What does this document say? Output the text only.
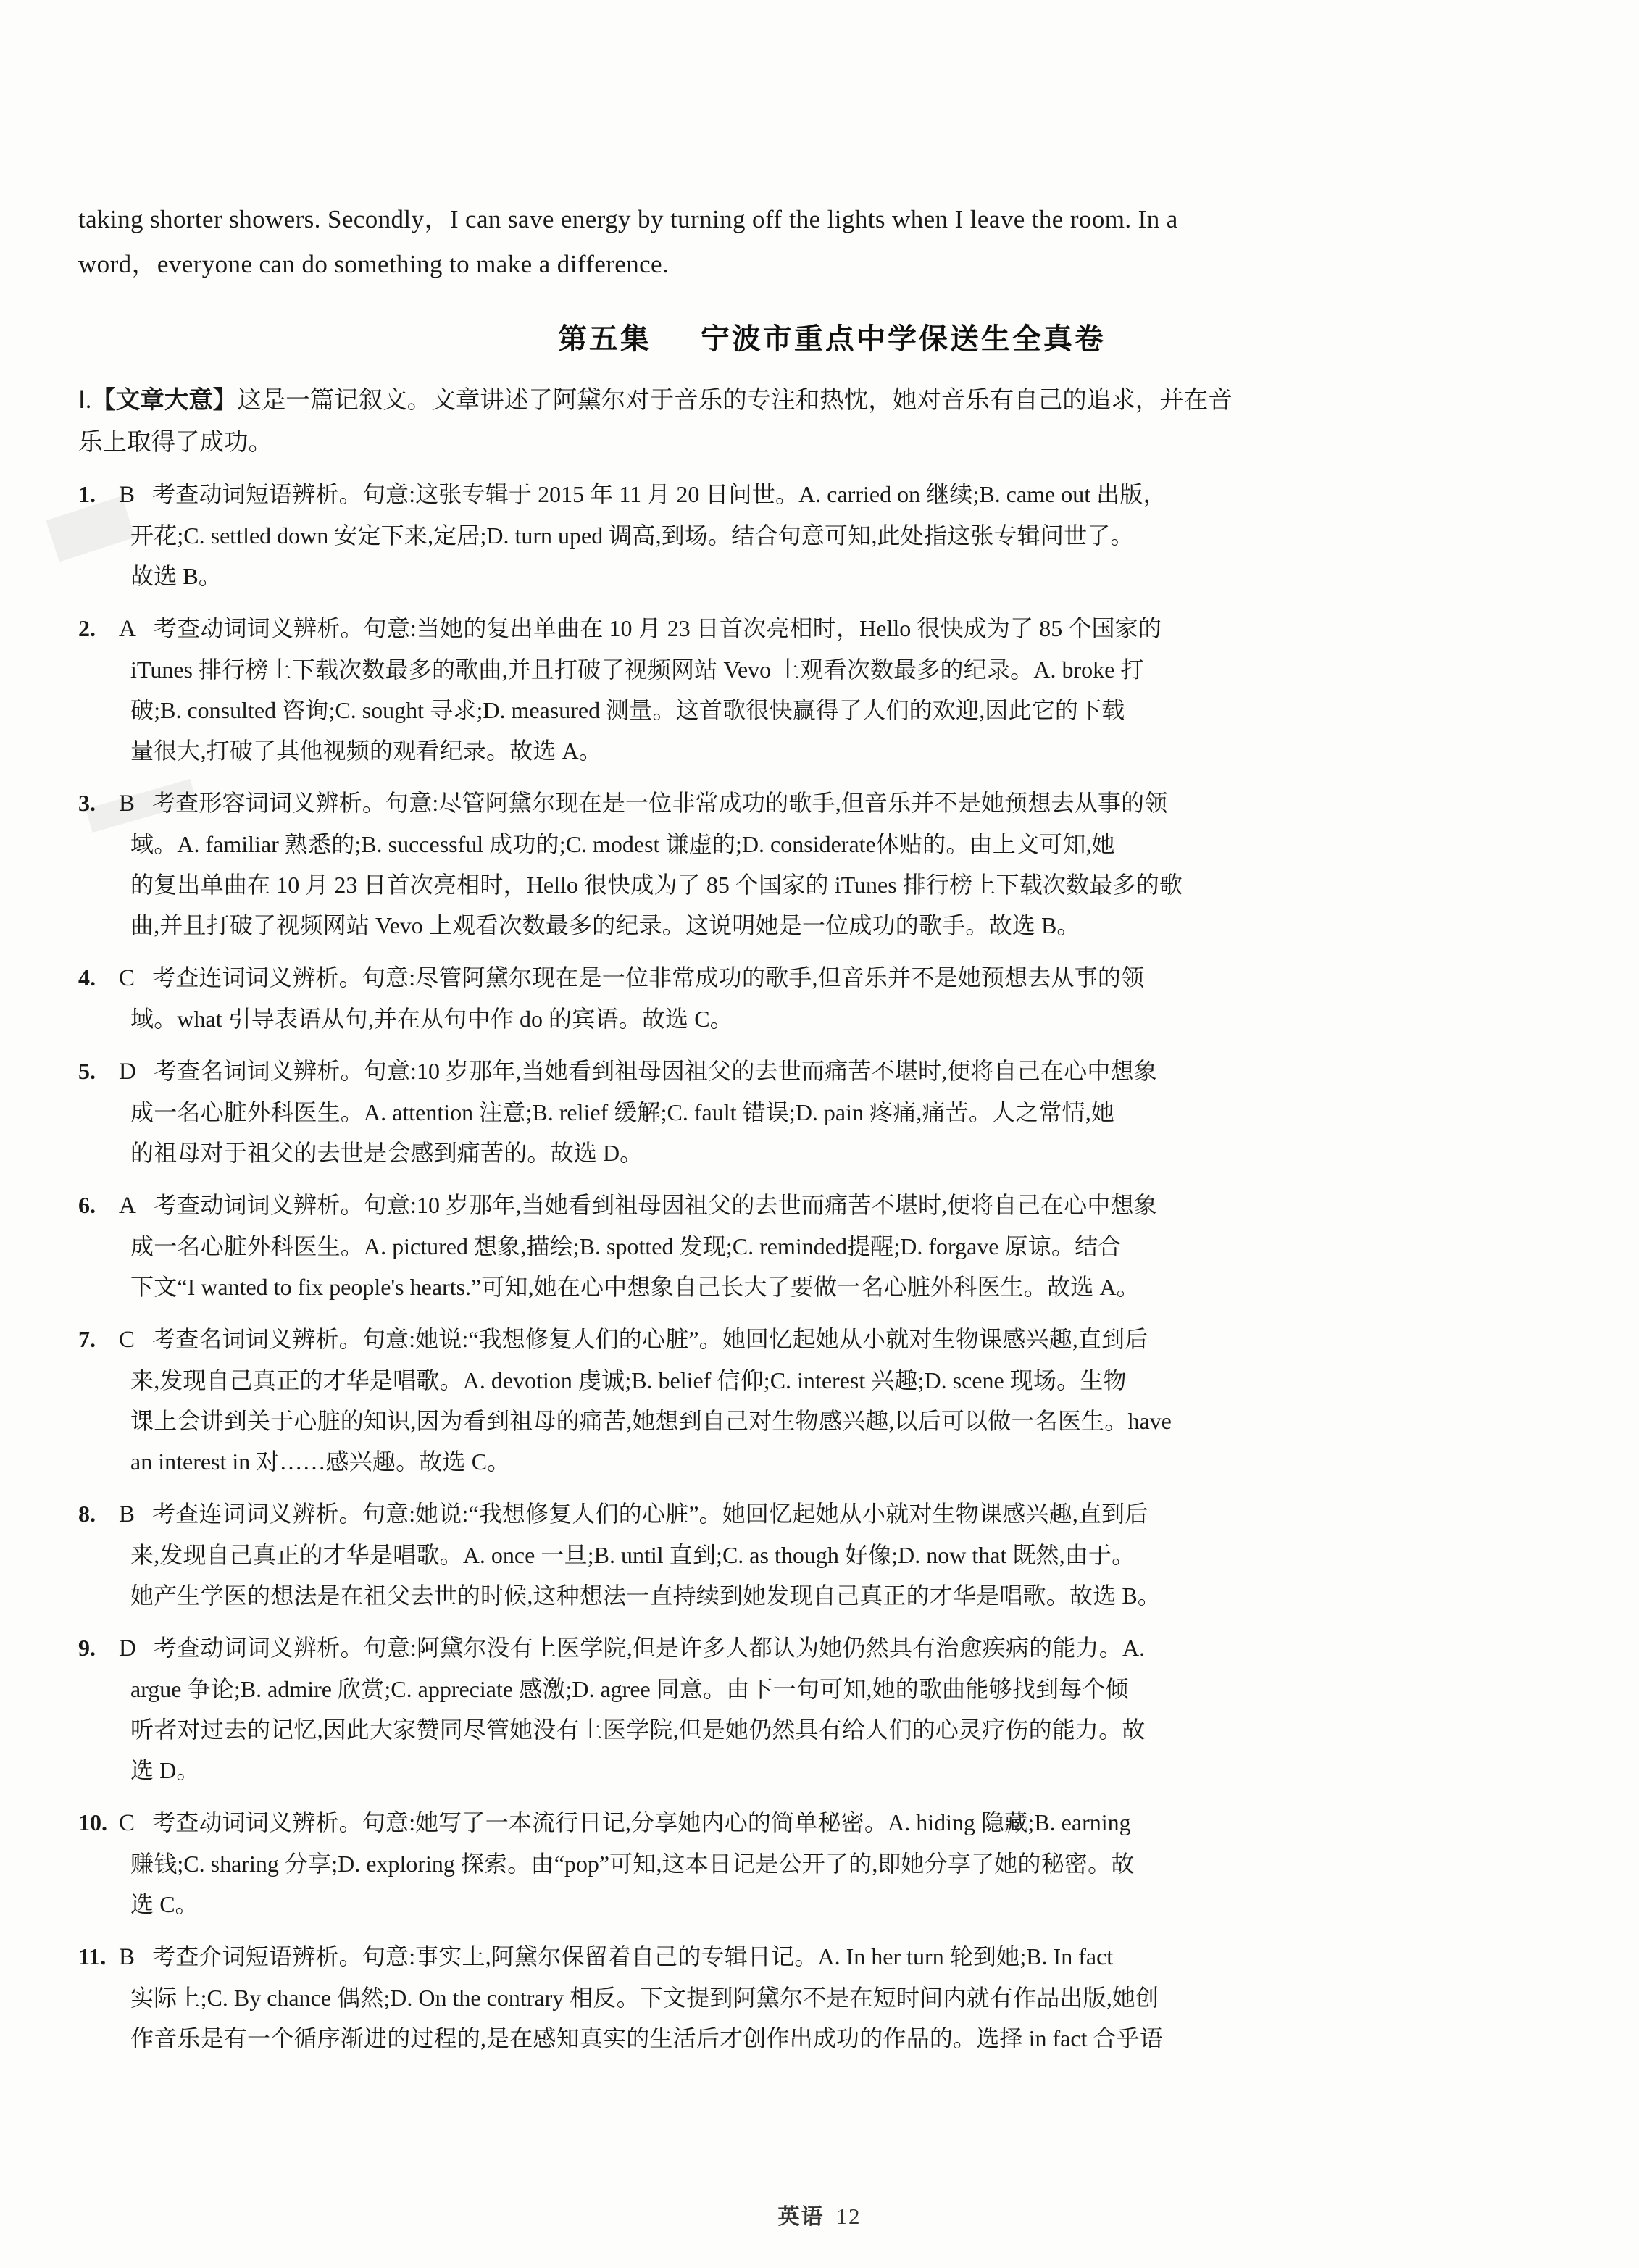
taking shorter showers. Secondly，I can save energy by turning off the lights when I leave the room. In a
word，everyone can do something to make a difference.
第五集 宁波市重点中学保送生全真卷
Ⅰ.【文章大意】这是一篇记叙文。文章讲述了阿黛尔对于音乐的专注和热忱，她对音乐有自己的追求，并在音
乐上取得了成功。
1. B 考查动词短语辨析。句意:这张专辑于 2015 年 11 月 20 日问世。A. carried on 继续;B. came out 出版，
开花;C. settled down 安定下来,定居;D. turn uped 调高,到场。结合句意可知,此处指这张专辑问世了。
故选 B。
2. A 考查动词词义辨析。句意:当她的复出单曲在 10 月 23 日首次亮相时，Hello 很快成为了 85 个国家的
iTunes 排行榜上下载次数最多的歌曲,并且打破了视频网站 Vevo 上观看次数最多的纪录。A. broke 打
破;B. consulted 咨询;C. sought 寻求;D. measured 测量。这首歌很快赢得了人们的欢迎,因此它的下载
量很大,打破了其他视频的观看纪录。故选 A。
3. B 考查形容词词义辨析。句意:尽管阿黛尔现在是一位非常成功的歌手,但音乐并不是她预想去从事的领
域。A. familiar 熟悉的;B. successful 成功的;C. modest 谦虚的;D. considerate体贴的。由上文可知,她
的复出单曲在 10 月 23 日首次亮相时，Hello 很快成为了 85 个国家的 iTunes 排行榜上下载次数最多的歌
曲,并且打破了视频网站 Vevo 上观看次数最多的纪录。这说明她是一位成功的歌手。故选 B。
4. C 考查连词词义辨析。句意:尽管阿黛尔现在是一位非常成功的歌手,但音乐并不是她预想去从事的领
域。what 引导表语从句,并在从句中作 do 的宾语。故选 C。
5. D 考查名词词义辨析。句意:10 岁那年,当她看到祖母因祖父的去世而痛苦不堪时,便将自己在心中想象
成一名心脏外科医生。A. attention 注意;B. relief 缓解;C. fault 错误;D. pain 疼痛,痛苦。人之常情,她
的祖母对于祖父的去世是会感到痛苦的。故选 D。
6. A 考查动词词义辨析。句意:10 岁那年,当她看到祖母因祖父的去世而痛苦不堪时,便将自己在心中想象
成一名心脏外科医生。A. pictured 想象,描绘;B. spotted 发现;C. reminded提醒;D. forgave 原谅。结合
下文“I wanted to fix people's hearts.”可知,她在心中想象自己长大了要做一名心脏外科医生。故选 A。
7. C 考查名词词义辨析。句意:她说:“我想修复人们的心脏”。她回忆起她从小就对生物课感兴趣,直到后
来,发现自己真正的才华是唱歌。A. devotion 虔诚;B. belief 信仰;C. interest 兴趣;D. scene 现场。生物
课上会讲到关于心脏的知识,因为看到祖母的痛苦,她想到自己对生物感兴趣,以后可以做一名医生。have
an interest in 对……感兴趣。故选 C。
8. B 考查连词词义辨析。句意:她说:“我想修复人们的心脏”。她回忆起她从小就对生物课感兴趣,直到后
来,发现自己真正的才华是唱歌。A. once 一旦;B. until 直到;C. as though 好像;D. now that 既然,由于。
她产生学医的想法是在祖父去世的时候,这种想法一直持续到她发现自己真正的才华是唱歌。故选 B。
9. D 考查动词词义辨析。句意:阿黛尔没有上医学院,但是许多人都认为她仍然具有治愈疾病的能力。A.
argue 争论;B. admire 欣赏;C. appreciate 感激;D. agree 同意。由下一句可知,她的歌曲能够找到每个倾
听者对过去的记忆,因此大家赞同尽管她没有上医学院,但是她仍然具有给人们的心灵疗伤的能力。故
选 D。
10. C 考查动词词义辨析。句意:她写了一本流行日记,分享她内心的简单秘密。A. hiding 隐藏;B. earning
赚钱;C. sharing 分享;D. exploring 探索。由“pop”可知,这本日记是公开了的,即她分享了她的秘密。故
选 C。
11. B 考查介词短语辨析。句意:事实上,阿黛尔保留着自己的专辑日记。A. In her turn 轮到她;B. In fact
实际上;C. By chance 偶然;D. On the contrary 相反。下文提到阿黛尔不是在短时间内就有作品出版,她创
作音乐是有一个循序渐进的过程的,是在感知真实的生活后才创作出成功的作品的。选择 in fact 合乎语
英语 12
